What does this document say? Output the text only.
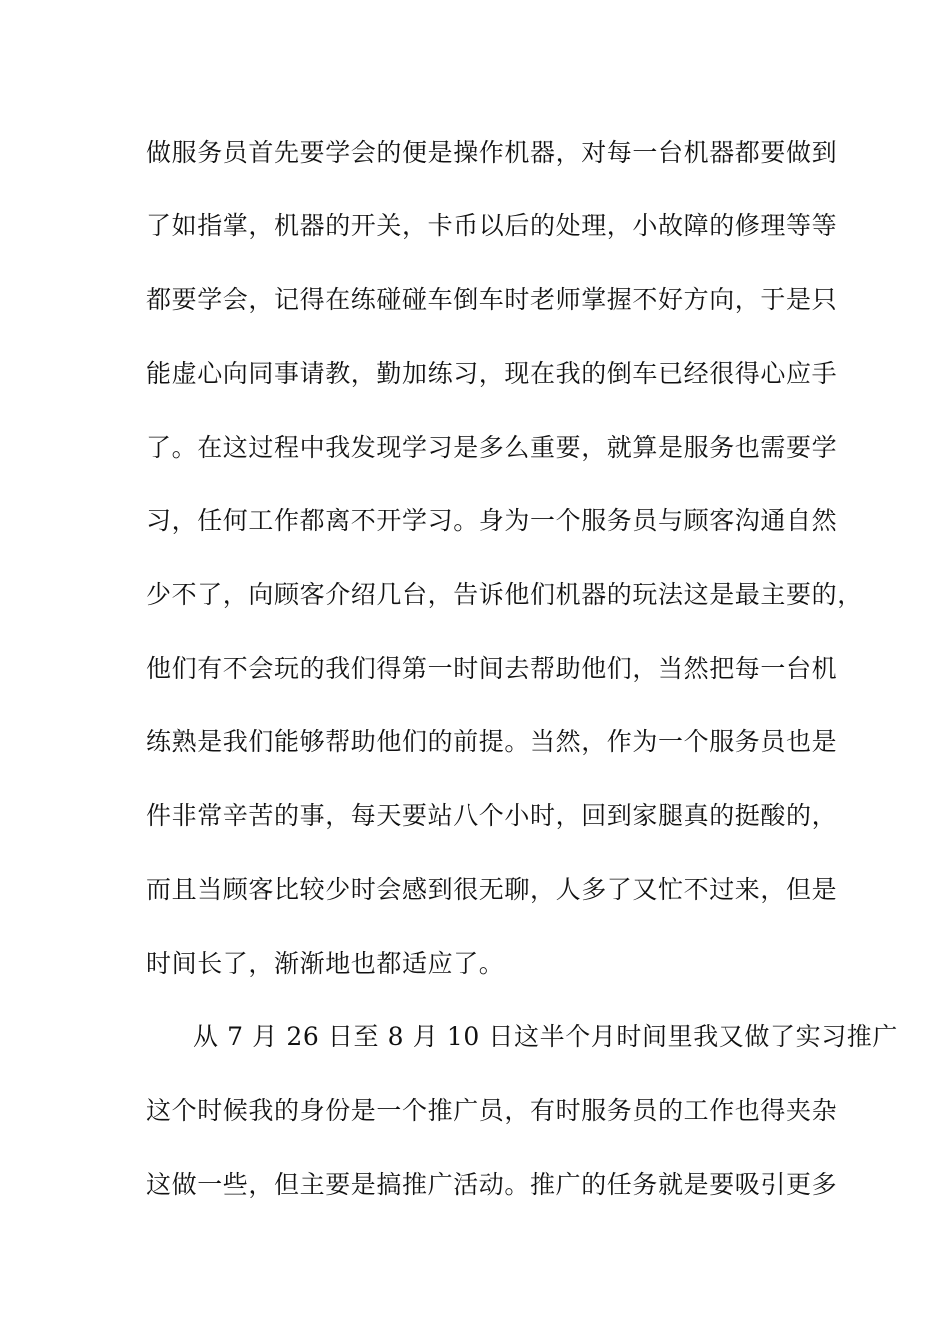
做服务员首先要学会的便是操作机器，对每一台机器都要做到
了如指掌，机器的开关，卡币以后的处理，小故障的修理等等
都要学会，记得在练碰碰车倒车时老师掌握不好方向，于是只
能虚心向同事请教，勤加练习，现在我的倒车已经很得心应手
了。在这过程中我发现学习是多么重要，就算是服务也需要学
习，任何工作都离不开学习。身为一个服务员与顾客沟通自然
少不了，向顾客介绍几台，告诉他们机器的玩法这是最主要的，
他们有不会玩的我们得第一时间去帮助他们，当然把每一台机
练熟是我们能够帮助他们的前提。当然，作为一个服务员也是
件非常辛苦的事，每天要站八个小时，回到家腿真的挺酸的，
而且当顾客比较少时会感到很无聊，人多了又忙不过来，但是
时间长了，渐渐地也都适应了。
从 7 月 26 日至 8 月 10 日这半个月时间里我又做了实习推广
这个时候我的身份是一个推广员，有时服务员的工作也得夹杂
这做一些，但主要是搞推广活动。推广的任务就是要吸引更多
